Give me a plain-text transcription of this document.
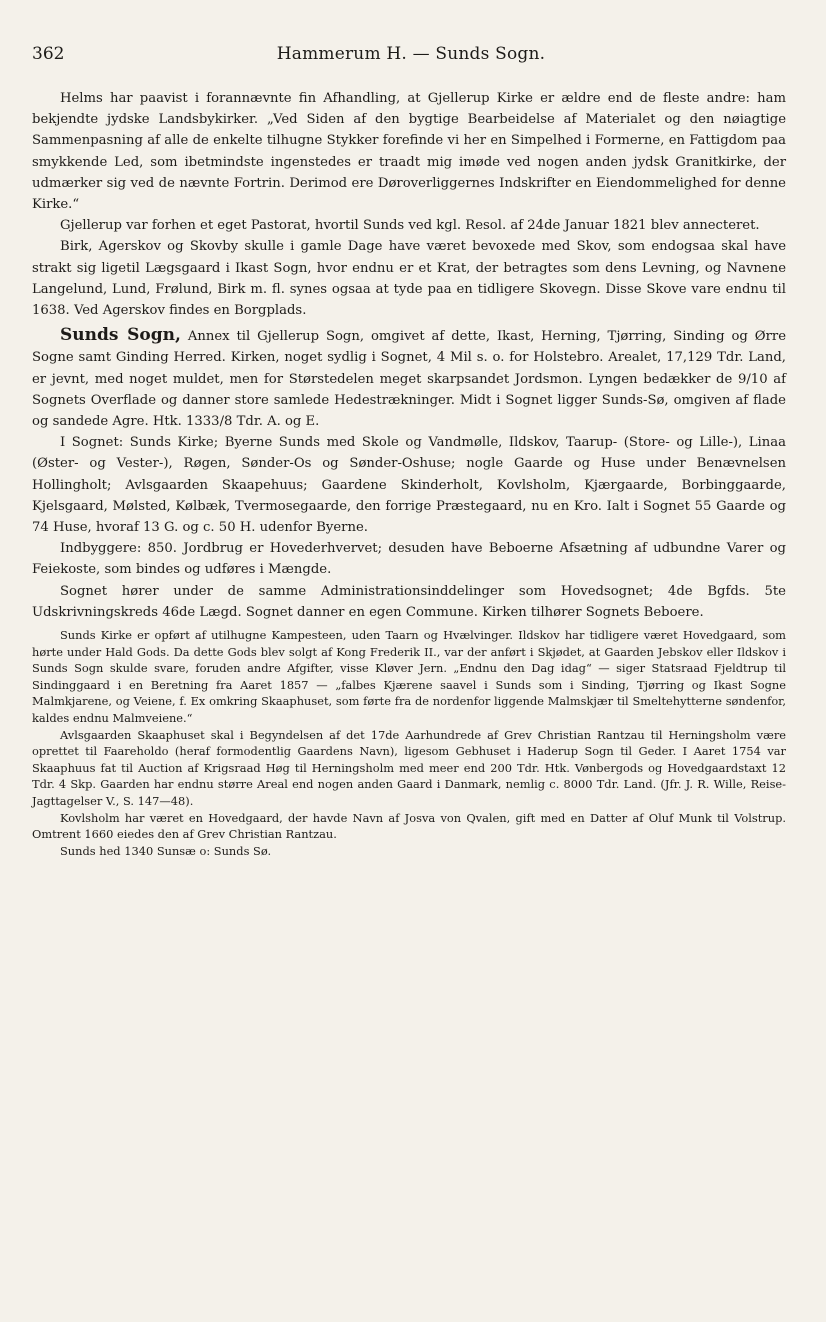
362	Hammerum H. — Sunds Sogn.

Helms har paavist i forannævnte fin Afhandling, at Gjellerup Kirke er ældre end de fleste andre: ham bekjendte jydske Landsbykirker. „Ved Siden af den bygtige Bearbeidelse af Materialet og den nøiagtige Sammenpasning af alle de enkelte tilhugne Stykker forefinde vi her en Simpelhed i Formerne, en Fattigdom paa smykkende Led, som ibetmindste ingenstedes er traadt mig imøde ved nogen anden jydsk Granitkirke, der udmærker sig ved de nævnte Fortrin. Derimod ere Døroverliggernes Indskrifter en Eiendommelighed for denne Kirke.“

Gjellerup var forhen et eget Pastorat, hvortil Sunds ved kgl. Resol. af 24de Januar 1821 blev annecteret.

Birk, Agerskov og Skovby skulle i gamle Dage have været bevoxede med Skov, som endogsaa skal have strakt sig ligetil Lægsgaard i Ikast Sogn, hvor endnu er et Krat, der betragtes som dens Levning, og Navnene Langelund, Lund, Frølund, Birk m. fl. synes ogsaa at tyde paa en tidligere Skovegn. Disse Skove vare endnu til 1638. Ved Agerskov findes en Borgplads.

Sunds Sogn, Annex til Gjellerup Sogn, omgivet af dette, Ikast, Herning, Tjørring, Sinding og Ørre Sogne samt Ginding Herred. Kirken, noget sydlig i Sognet, 4 Mil s. o. for Holstebro. Arealet, 17,129 Tdr. Land, er jevnt, med noget muldet, men for Størstedelen meget skarpsandet Jordsmon. Lyngen bedækker de 9/10 af Sognets Overflade og danner store samlede Hedestrækninger. Midt i Sognet ligger Sunds-Sø, omgiven af flade og sandede Agre. Htk. 1333/8 Tdr. A. og E.

I Sognet: Sunds Kirke; Byerne Sunds med Skole og Vandmølle, Ildskov, Taarup- (Store- og Lille-), Linaa (Øster- og Vester-), Røgen, Sønder-Os og Sønder-Oshuse; nogle Gaarde og Huse under Benævnelsen Hollingholt; Avlsgaarden Skaapehuus; Gaardene Skinderholt, Kovlsholm, Kjærgaarde, Borbinggaarde, Kjelsgaard, Mølsted, Kølbæk, Tvermosegaarde, den forrige Præstegaard, nu en Kro. Ialt i Sognet 55 Gaarde og 74 Huse, hvoraf 13 G. og c. 50 H. udenfor Byerne.

Indbyggere: 850. Jordbrug er Hovederhvervet; desuden have Beboerne Afsætning af udbundne Varer og Feiekoste, som bindes og udføres i Mængde.

Sognet hører under de samme Administrationsinddelinger som Hovedsognet; 4de Bgfds. 5te Udskrivningskreds 46de Lægd. Sognet danner en egen Commune. Kirken tilhører Sognets Beboere.

Sunds Kirke er opført af utilhugne Kampesteen, uden Taarn og Hvælvinger. Ildskov har tidligere været Hovedgaard, som hørte under Hald Gods. Da dette Gods blev solgt af Kong Frederik II., var der anført i Skjødet, at Gaarden Jebskov eller Ildskov i Sunds Sogn skulde svare, foruden andre Afgifter, visse Kløver Jern. „Endnu den Dag idag“ — siger Statsraad Fjeldtrup til Sindinggaard i en Beretning fra Aaret 1857 — „falbes Kjærene saavel i Sunds som i Sinding, Tjørring og Ikast Sogne Malmkjarene, og Veiene, f. Ex omkring Skaaphuset, som førte fra de nordenfor liggende Malmskjær til Smeltehytterne søndenfor, kaldes endnu Malmveiene.“

Avlsgaarden Skaaphuset skal i Begyndelsen af det 17de Aarhundrede af Grev Christian Rantzau til Herningsholm være oprettet til Faareholdo (heraf formodentlig Gaardens Navn), ligesom Gebhuset i Haderup Sogn til Geder. I Aaret 1754 var Skaaphuus fat til Auction af Krigsraad Høg til Herningsholm med meer end 200 Tdr. Htk. Vønbergods og Hovedgaardstaxt 12 Tdr. 4 Skp. Gaarden har endnu større Areal end nogen anden Gaard i Danmark, nemlig c. 8000 Tdr. Land. (Jfr. J. R. Wille, Reise-Jagttagelser V., S. 147—48).

Kovlsholm har været en Hovedgaard, der havde Navn af Josva von Qvalen, gift med en Datter af Oluf Munk til Volstrup. Omtrent 1660 eiedes den af Grev Christian Rantzau.

Sunds hed 1340 Sunsæ o: Sunds Sø.
